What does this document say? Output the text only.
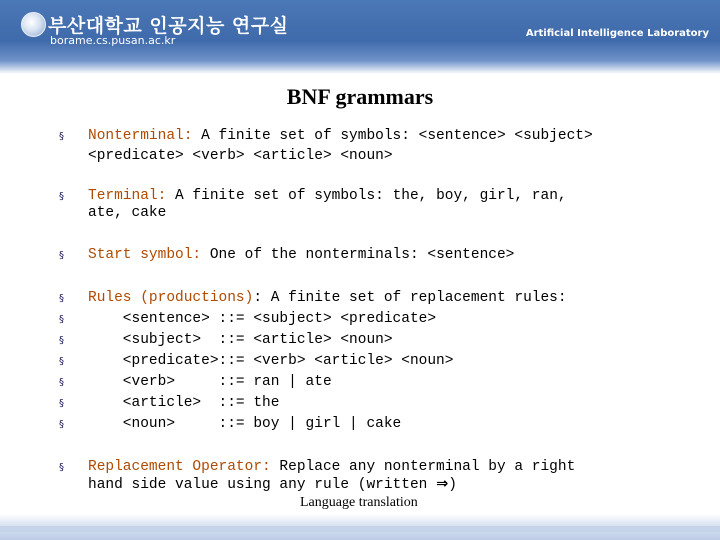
부산대학교 인공지능 연구실
borame.cs.pusan.ac.kr
Artificial Intelligence Laboratory
BNF grammars
§ Nonterminal: A finite set of symbols: <sentence> <subject>
<predicate> <verb> <article> <noun>
§ Terminal: A finite set of symbols: the, boy, girl, ran,
ate, cake
§ Start symbol: One of the nonterminals: <sentence>
§ Rules (productions): A finite set of replacement rules:
§ <sentence> ::= <subject> <predicate>
§ <subject>  ::= <article> <noun>
§ <predicate>::= <verb> <article> <noun>
§ <verb>     ::= ran | ate
§ <article>  ::= the
§ <noun>     ::= boy | girl | cake
§ Replacement Operator: Replace any nonterminal by a right
hand side value using any rule (written ⇒)
Language translation
